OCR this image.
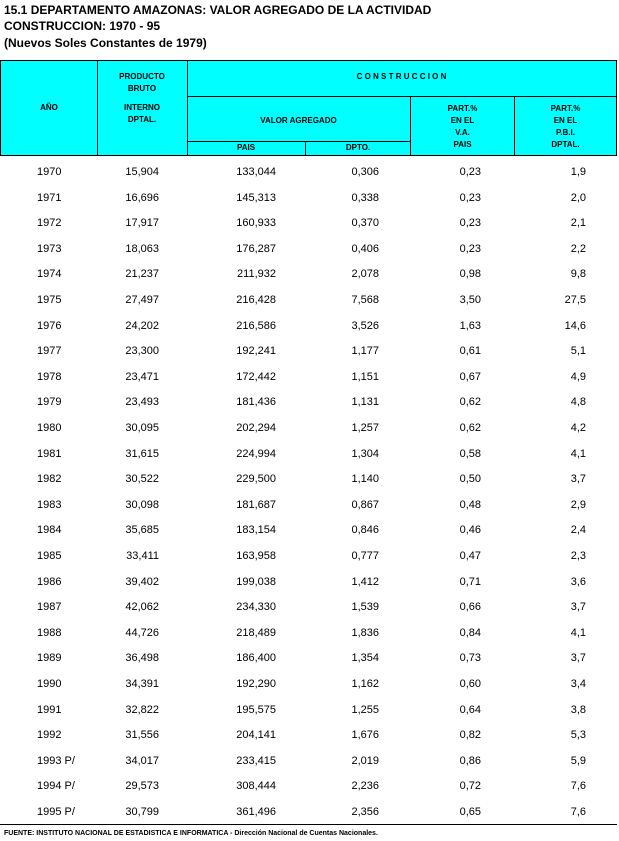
15.1 DEPARTAMENTO AMAZONAS: VALOR AGREGADO DE LA ACTIVIDAD
CONSTRUCCION: 1970 - 95
(Nuevos Soles Constantes de 1979)
AÑO
PRODUCTO
BRUTO
INTERNO
DPTAL.
C O N S T R U C C I O N
VALOR AGREGADO
PAIS	DPTO.
PART.%
EN EL
V.A.
PAIS
PART.%
EN EL
P.B.I.
DPTAL.
1970	15,904	133,044	0,306	0,23	1,9
1971	16,696	145,313	0,338	0,23	2,0
1972	17,917	160,933	0,370	0,23	2,1
1973	18,063	176,287	0,406	0,23	2,2
1974	21,237	211,932	2,078	0,98	9,8
1975	27,497	216,428	7,568	3,50	27,5
1976	24,202	216,586	3,526	1,63	14,6
1977	23,300	192,241	1,177	0,61	5,1
1978	23,471	172,442	1,151	0,67	4,9
1979	23,493	181,436	1,131	0,62	4,8
1980	30,095	202,294	1,257	0,62	4,2
1981	31,615	224,994	1,304	0,58	4,1
1982	30,522	229,500	1,140	0,50	3,7
1983	30,098	181,687	0,867	0,48	2,9
1984	35,685	183,154	0,846	0,46	2,4
1985	33,411	163,958	0,777	0,47	2,3
1986	39,402	199,038	1,412	0,71	3,6
1987	42,062	234,330	1,539	0,66	3,7
1988	44,726	218,489	1,836	0,84	4,1
1989	36,498	186,400	1,354	0,73	3,7
1990	34,391	192,290	1,162	0,60	3,4
1991	32,822	195,575	1,255	0,64	3,8
1992	31,556	204,141	1,676	0,82	5,3
1993 P/	34,017	233,415	2,019	0,86	5,9
1994 P/	29,573	308,444	2,236	0,72	7,6
1995 P/	30,799	361,496	2,356	0,65	7,6
FUENTE: INSTITUTO NACIONAL DE ESTADISTICA E INFORMATICA - Dirección Nacional de Cuentas Nacionales.
